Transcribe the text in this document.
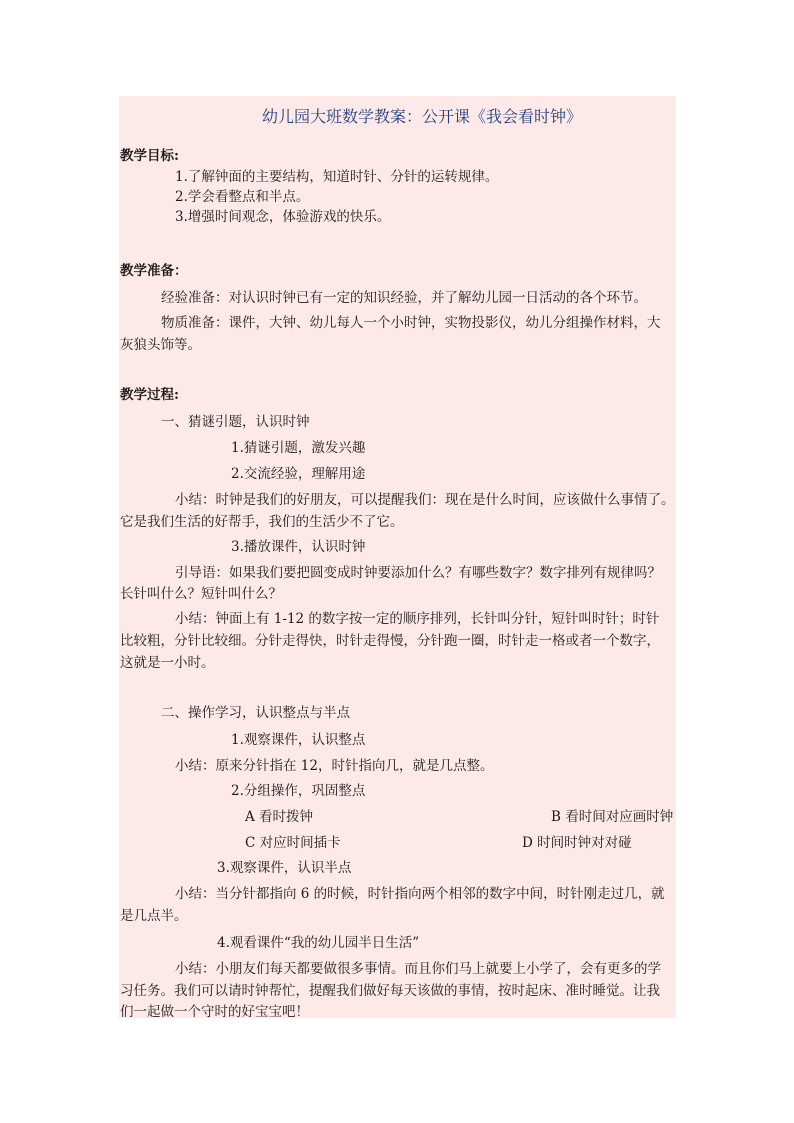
幼儿园大班数学教案：公开课《我会看时钟》
教学目标:
1.了解钟面的主要结构，知道时针、分针的运转规律。
2.学会看整点和半点。
3.增强时间观念，体验游戏的快乐。
教学准备：
经验准备：对认识时钟已有一定的知识经验，并了解幼儿园一日活动的各个环节。
物质准备：课件，大钟、幼儿每人一个小时钟，实物投影仪，幼儿分组操作材料，大
灰狼头饰等。
教学过程:
一、猜谜引题，认识时钟
1.猜谜引题，激发兴趣
2.交流经验，理解用途
小结：时钟是我们的好朋友，可以提醒我们：现在是什么时间，应该做什么事情了。
它是我们生活的好帮手，我们的生活少不了它。
3.播放课件，认识时钟
引导语：如果我们要把圆变成时钟要添加什么？有哪些数字？数字排列有规律吗？
长针叫什么？短针叫什么？
小结：钟面上有 1-12 的数字按一定的顺序排列，长针叫分针，短针叫时针；时针
比较粗，分针比较细。分针走得快，时针走得慢，分针跑一圈，时针走一格或者一个数字，
这就是一小时。
二、操作学习，认识整点与半点
1.观察课件，认识整点
小结：原来分针指在 12，时针指向几，就是几点整。
2.分组操作，巩固整点
A 看时拨钟	B 看时间对应画时钟
C 对应时间插卡	D 时间时钟对对碰
3.观察课件，认识半点
小结：当分针都指向 6 的时候，时针指向两个相邻的数字中间，时针刚走过几，就
是几点半。
4.观看课件“我的幼儿园半日生活”
小结：小朋友们每天都要做很多事情。而且你们马上就要上小学了，会有更多的学
习任务。我们可以请时钟帮忙，提醒我们做好每天该做的事情，按时起床、准时睡觉。让我
们一起做一个守时的好宝宝吧！
